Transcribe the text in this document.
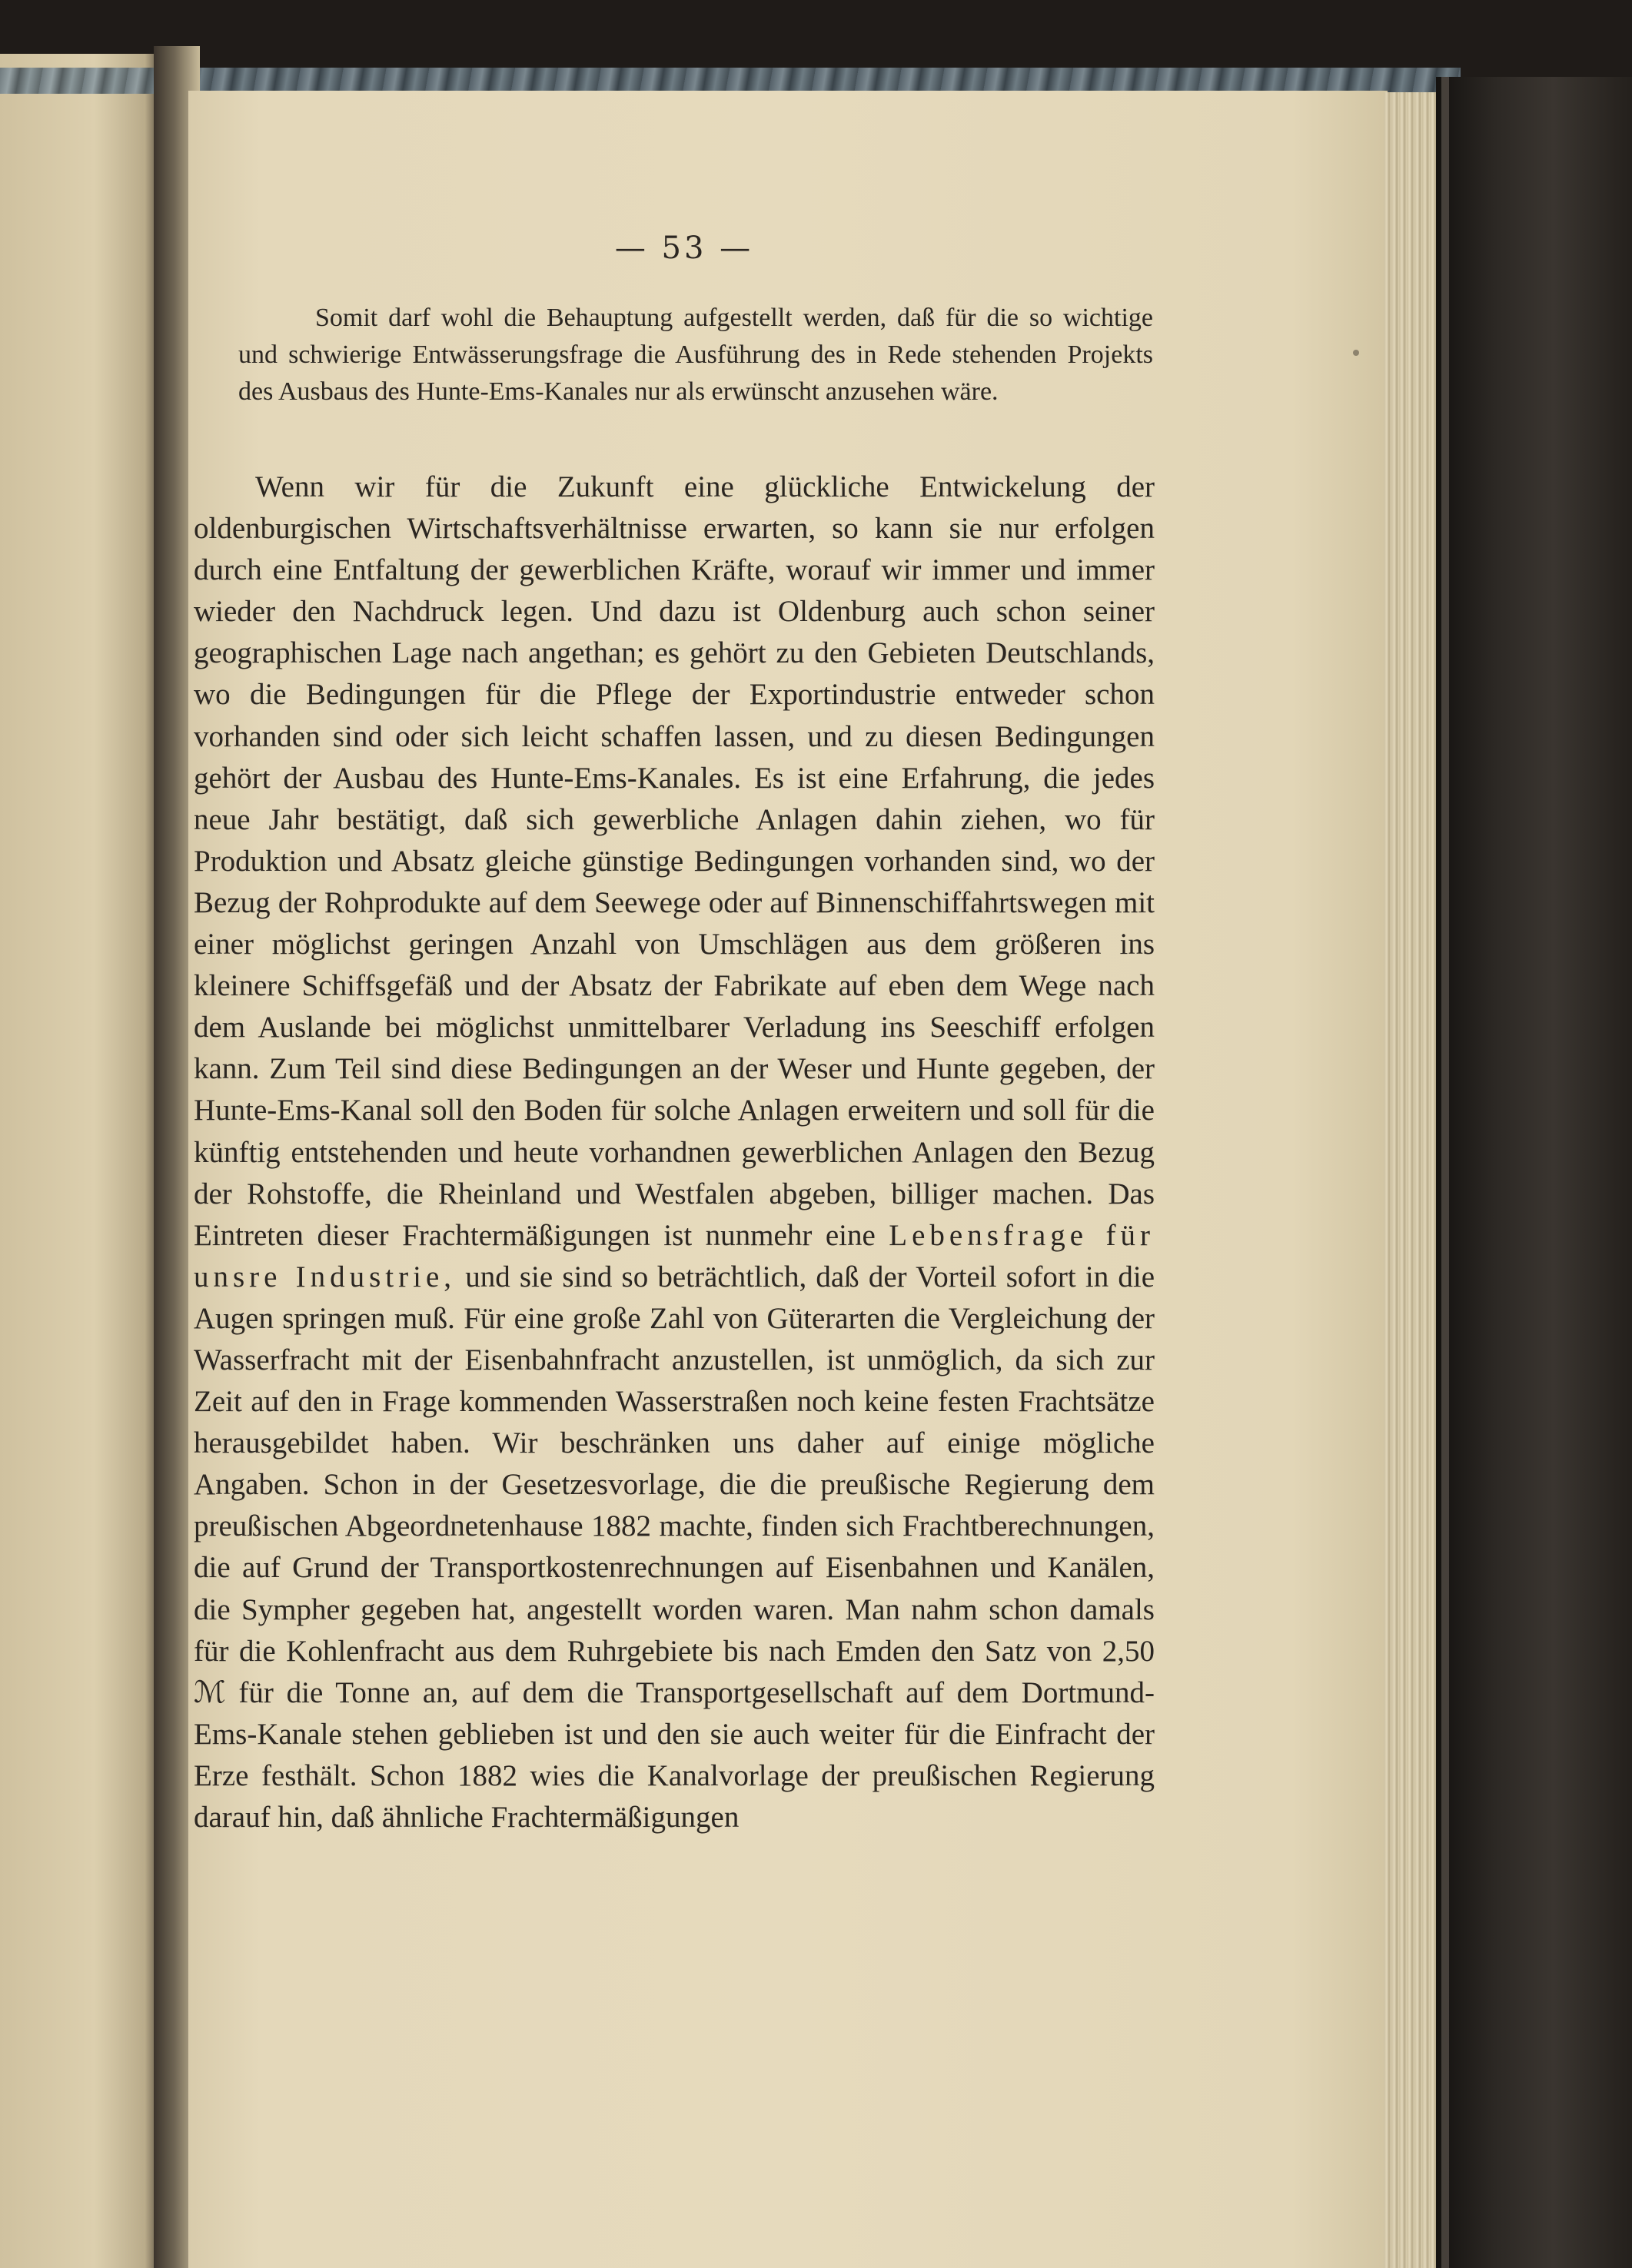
— 53 —
Somit darf wohl die Behauptung aufgestellt werden, daß für die so wichtige und schwierige Entwässerungsfrage die Ausführung des in Rede stehenden Projekts des Ausbaus des Hunte-Ems-Kanales nur als erwünscht anzusehen wäre.
Wenn wir für die Zukunft eine glückliche Entwickelung der oldenburgischen Wirtschaftsverhältnisse erwarten, so kann sie nur erfolgen durch eine Entfaltung der gewerblichen Kräfte, worauf wir immer und immer wieder den Nachdruck legen. Und dazu ist Oldenburg auch schon seiner geographischen Lage nach angethan; es gehört zu den Gebieten Deutschlands, wo die Bedingungen für die Pflege der Exportindustrie entweder schon vorhanden sind oder sich leicht schaffen lassen, und zu diesen Bedingungen gehört der Ausbau des Hunte-Ems-Kanales. Es ist eine Erfahrung, die jedes neue Jahr bestätigt, daß sich gewerbliche Anlagen dahin ziehen, wo für Produktion und Absatz gleiche günstige Bedingungen vorhanden sind, wo der Bezug der Rohprodukte auf dem Seewege oder auf Binnenschiffahrtswegen mit einer möglichst geringen Anzahl von Umschlägen aus dem größeren ins kleinere Schiffsgefäß und der Absatz der Fabrikate auf eben dem Wege nach dem Auslande bei möglichst unmittelbarer Verladung ins Seeschiff erfolgen kann. Zum Teil sind diese Bedingungen an der Weser und Hunte gegeben, der Hunte-Ems-Kanal soll den Boden für solche Anlagen erweitern und soll für die künftig entstehenden und heute vorhandnen gewerblichen Anlagen den Bezug der Rohstoffe, die Rheinland und Westfalen abgeben, billiger machen. Das Eintreten dieser Frachtermäßigungen ist nunmehr eine Lebensfrage für unsre Industrie, und sie sind so beträchtlich, daß der Vorteil sofort in die Augen springen muß. Für eine große Zahl von Güterarten die Vergleichung der Wasserfracht mit der Eisenbahnfracht anzustellen, ist unmöglich, da sich zur Zeit auf den in Frage kommenden Wasserstraßen noch keine festen Frachtsätze herausgebildet haben. Wir beschränken uns daher auf einige mögliche Angaben. Schon in der Gesetzesvorlage, die die preußische Regierung dem preußischen Abgeordnetenhause 1882 machte, finden sich Frachtberechnungen, die auf Grund der Transportkostenrechnungen auf Eisenbahnen und Kanälen, die Sympher gegeben hat, angestellt worden waren. Man nahm schon damals für die Kohlenfracht aus dem Ruhrgebiete bis nach Emden den Satz von 2,50 ℳ für die Tonne an, auf dem die Transportgesellschaft auf dem Dortmund-Ems-Kanale stehen geblieben ist und den sie auch weiter für die Einfracht der Erze festhält. Schon 1882 wies die Kanalvorlage der preußischen Regierung darauf hin, daß ähnliche Frachtermäßigungen
